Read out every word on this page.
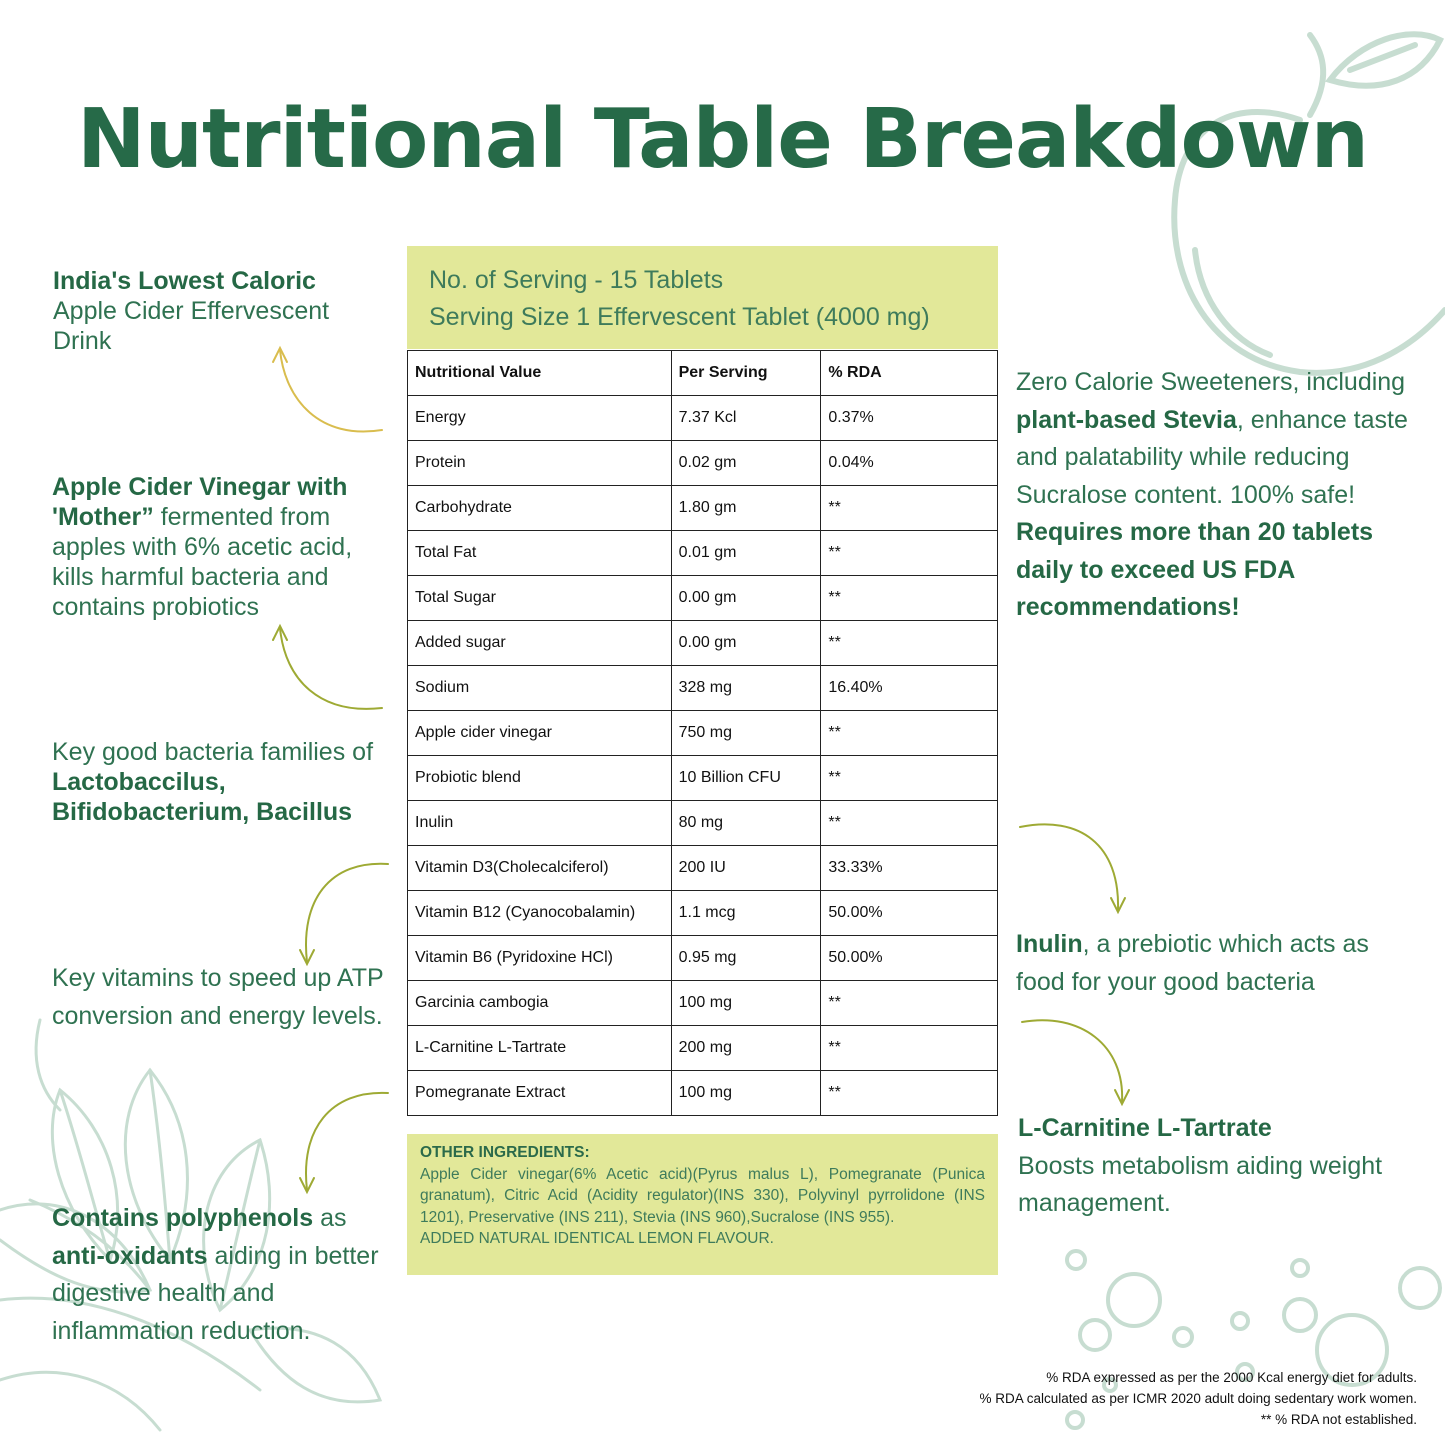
Nutritional Table Breakdown
India's Lowest Caloric
Apple Cider Effervescent Drink
Apple Cider Vinegar with 'Mother” fermented from apples with 6% acetic acid, kills harmful bacteria and contains probiotics
Key good bacteria families of Lactobaccilus, Bifidobacterium, Bacillus
Key vitamins to speed up ATP conversion and energy levels.
Contains polyphenols as anti-oxidants aiding in better digestive health and inflammation reduction.
No. of Serving - 15 Tablets
Serving Size 1 Effervescent Tablet (4000 mg)
Nutritional Value	Per Serving	% RDA
Energy	7.37 Kcl	0.37%
Protein	0.02 gm	0.04%
Carbohydrate	1.80 gm	**
Total Fat	0.01 gm	**
Total Sugar	0.00 gm	**
Added sugar	0.00 gm	**
Sodium	328 mg	16.40%
Apple cider vinegar	750 mg	**
Probiotic blend	10 Billion CFU	**
Inulin	80 mg	**
Vitamin D3(Cholecalciferol)	200 IU	33.33%
Vitamin B12 (Cyanocobalamin)	1.1 mcg	50.00%
Vitamin B6 (Pyridoxine HCl)	0.95 mg	50.00%
Garcinia cambogia	100 mg	**
L-Carnitine L-Tartrate	200 mg	**
Pomegranate Extract	100 mg	**
OTHER INGREDIENTS:
Apple Cider vinegar(6% Acetic acid)(Pyrus malus L), Pomegranate (Punica granatum), Citric Acid (Acidity regulator)(INS 330), Polyvinyl pyrrolidone (INS 1201), Preservative (INS 211), Stevia (INS 960),Sucralose (INS 955).
ADDED NATURAL IDENTICAL LEMON FLAVOUR.
Zero Calorie Sweeteners, including plant-based Stevia, enhance taste and palatability while reducing Sucralose content. 100% safe! Requires more than 20 tablets daily to exceed US FDA recommendations!
Inulin, a prebiotic which acts as food for your good bacteria
L-Carnitine L-Tartrate
Boosts metabolism aiding weight management.
% RDA expressed as per the 2000 Kcal energy diet for adults.
% RDA calculated as per ICMR 2020 adult doing sedentary work women.
** % RDA not established.
